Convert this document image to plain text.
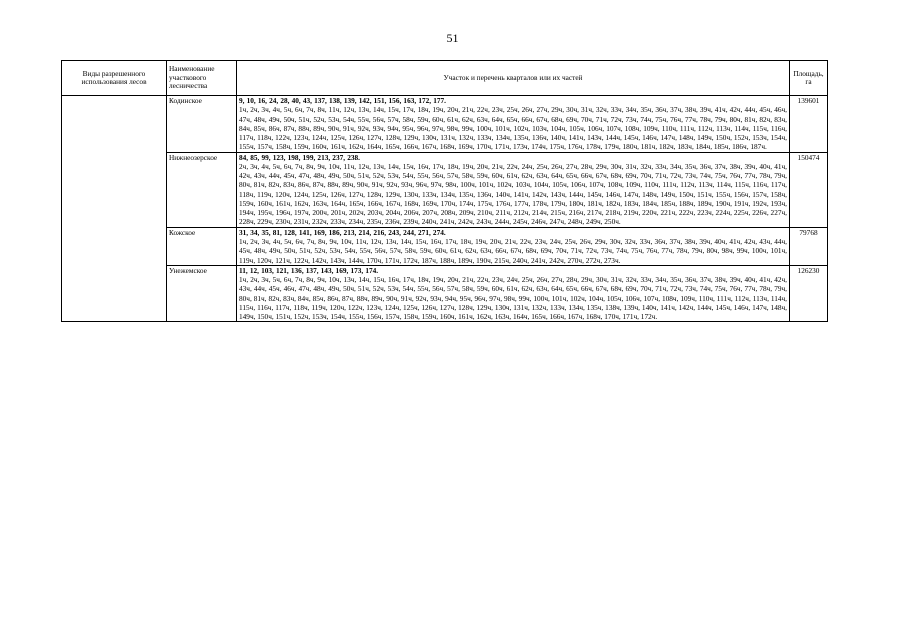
51
Виды разрешенного использования лесов	Наименование участкового лесничества	Участок и перечень кварталов или их частей	Площадь, га
	Кодинское	9, 10, 16, 24, 28, 40, 43, 137, 138, 139, 142, 151, 156, 163, 172, 177.
1ч, 2ч, 3ч, 4ч, 5ч, 6ч, 7ч, 8ч, 11ч, 12ч, 13ч, 14ч, 15ч, 17ч, 18ч, 19ч, 20ч, 21ч, 22ч, 23ч, 25ч, 26ч, 27ч, 29ч, 30ч, 31ч, 32ч, 33ч, 34ч, 35ч, 36ч, 37ч, 38ч, 39ч, 41ч, 42ч, 44ч, 45ч, 46ч, 47ч, 48ч, 49ч, 50ч, 51ч, 52ч, 53ч, 54ч, 55ч, 56ч, 57ч, 58ч, 59ч, 60ч, 61ч, 62ч, 63ч, 64ч, 65ч, 66ч, 67ч, 68ч, 69ч, 70ч, 71ч, 72ч, 73ч, 74ч, 75ч, 76ч, 77ч, 78ч, 79ч, 80ч, 81ч, 82ч, 83ч, 84ч, 85ч, 86ч, 87ч, 88ч, 89ч, 90ч, 91ч, 92ч, 93ч, 94ч, 95ч, 96ч, 97ч, 98ч, 99ч, 100ч, 101ч, 102ч, 103ч, 104ч, 105ч, 106ч, 107ч, 108ч, 109ч, 110ч, 111ч, 112ч, 113ч, 114ч, 115ч, 116ч, 117ч, 118ч, 122ч, 123ч, 124ч, 125ч, 126ч, 127ч, 128ч, 129ч, 130ч, 131ч, 132ч, 133ч, 134ч, 135ч, 136ч, 140ч, 141ч, 143ч, 144ч, 145ч, 146ч, 147ч, 148ч, 149ч, 150ч, 152ч, 153ч, 154ч, 155ч, 157ч, 158ч, 159ч, 160ч, 161ч, 162ч, 164ч, 165ч, 166ч, 167ч, 168ч, 169ч, 170ч, 171ч, 173ч, 174ч, 175ч, 176ч, 178ч, 179ч, 180ч, 181ч, 182ч, 183ч, 184ч, 185ч, 186ч, 187ч.	139601
	Нижнеозерское	84, 85, 99, 123, 198, 199, 213, 237, 238.
2ч, 3ч, 4ч, 5ч, 6ч, 7ч, 8ч, 9ч, 10ч, 11ч, 12ч, 13ч, 14ч, 15ч, 16ч, 17ч, 18ч, 19ч, 20ч, 21ч, 22ч, 24ч, 25ч, 26ч, 27ч, 28ч, 29ч, 30ч, 31ч, 32ч, 33ч, 34ч, 35ч, 36ч, 37ч, 38ч, 39ч, 40ч, 41ч, 42ч, 43ч, 44ч, 45ч, 47ч, 48ч, 49ч, 50ч, 51ч, 52ч, 53ч, 54ч, 55ч, 56ч, 57ч, 58ч, 59ч, 60ч, 61ч, 62ч, 63ч, 64ч, 65ч, 66ч, 67ч, 68ч, 69ч, 70ч, 71ч, 72ч, 73ч, 74ч, 75ч, 76ч, 77ч, 78ч, 79ч, 80ч, 81ч, 82ч, 83ч, 86ч, 87ч, 88ч, 89ч, 90ч, 91ч, 92ч, 93ч, 96ч, 97ч, 98ч, 100ч, 101ч, 102ч, 103ч, 104ч, 105ч, 106ч, 107ч, 108ч, 109ч, 110ч, 111ч, 112ч, 113ч, 114ч, 115ч, 116ч, 117ч, 118ч, 119ч, 120ч, 124ч, 125ч, 126ч, 127ч, 128ч, 129ч, 130ч, 133ч, 134ч, 135ч, 136ч, 140ч, 141ч, 142ч, 143ч, 144ч, 145ч, 146ч, 147ч, 148ч, 149ч, 150ч, 151ч, 155ч, 156ч, 157ч, 158ч, 159ч, 160ч, 161ч, 162ч, 163ч, 164ч, 165ч, 166ч, 167ч, 168ч, 169ч, 170ч, 174ч, 175ч, 176ч, 177ч, 178ч, 179ч, 180ч, 181ч, 182ч, 183ч, 184ч, 185ч, 188ч, 189ч, 190ч, 191ч, 192ч, 193ч, 194ч, 195ч, 196ч, 197ч, 200ч, 201ч, 202ч, 203ч, 204ч, 206ч, 207ч, 208ч, 209ч, 210ч, 211ч, 212ч, 214ч, 215ч, 216ч, 217ч, 218ч, 219ч, 220ч, 221ч, 222ч, 223ч, 224ч, 225ч, 226ч, 227ч, 228ч, 229ч, 230ч, 231ч, 232ч, 233ч, 234ч, 235ч, 236ч, 239ч, 240ч, 241ч, 242ч, 243ч, 244ч, 245ч, 246ч, 247ч, 248ч, 249ч, 250ч.	150474
	Кожское	31, 34, 35, 81, 128, 141, 169, 186, 213, 214, 216, 243, 244, 271, 274.
1ч, 2ч, 3ч, 4ч, 5ч, 6ч, 7ч, 8ч, 9ч, 10ч, 11ч, 12ч, 13ч, 14ч, 15ч, 16ч, 17ч, 18ч, 19ч, 20ч, 21ч, 22ч, 23ч, 24ч, 25ч, 26ч, 29ч, 30ч, 32ч, 33ч, 36ч, 37ч, 38ч, 39ч, 40ч, 41ч, 42ч, 43ч, 44ч, 45ч, 48ч, 49ч, 50ч, 51ч, 52ч, 53ч, 54ч, 55ч, 56ч, 57ч, 58ч, 59ч, 60ч, 61ч, 62ч, 63ч, 66ч, 67ч, 68ч, 69ч, 70ч, 71ч, 72ч, 73ч, 74ч, 75ч, 76ч, 77ч, 78ч, 79ч, 80ч, 98ч, 99ч, 100ч, 101ч, 119ч, 120ч, 121ч, 122ч, 142ч, 143ч, 144ч, 170ч, 171ч, 172ч, 187ч, 188ч, 189ч, 190ч, 215ч, 240ч, 241ч, 242ч, 270ч, 272ч, 273ч.	79768
	Унежемское	11, 12, 103, 121, 136, 137, 143, 169, 173, 174.
1ч, 2ч, 3ч, 5ч, 6ч, 7ч, 8ч, 9ч, 10ч, 13ч, 14ч, 15ч, 16ч, 17ч, 18ч, 19ч, 20ч, 21ч, 22ч, 23ч, 24ч, 25ч, 26ч, 27ч, 28ч, 29ч, 30ч, 31ч, 32ч, 33ч, 34ч, 35ч, 36ч, 37ч, 38ч, 39ч, 40ч, 41ч, 42ч, 43ч, 44ч, 45ч, 46ч, 47ч, 48ч, 49ч, 50ч, 51ч, 52ч, 53ч, 54ч, 55ч, 56ч, 57ч, 58ч, 59ч, 60ч, 61ч, 62ч, 63ч, 64ч, 65ч, 66ч, 67ч, 68ч, 69ч, 70ч, 71ч, 72ч, 73ч, 74ч, 75ч, 76ч, 77ч, 78ч, 79ч, 80ч, 81ч, 82ч, 83ч, 84ч, 85ч, 86ч, 87ч, 88ч, 89ч, 90ч, 91ч, 92ч, 93ч, 94ч, 95ч, 96ч, 97ч, 98ч, 99ч, 100ч, 101ч, 102ч, 104ч, 105ч, 106ч, 107ч, 108ч, 109ч, 110ч, 111ч, 112ч, 113ч, 114ч, 115ч, 116ч, 117ч, 118ч, 119ч, 120ч, 122ч, 123ч, 124ч, 125ч, 126ч, 127ч, 128ч, 129ч, 130ч, 131ч, 132ч, 133ч, 134ч, 135ч, 138ч, 139ч, 140ч, 141ч, 142ч, 144ч, 145ч, 146ч, 147ч, 148ч, 149ч, 150ч, 151ч, 152ч, 153ч, 154ч, 155ч, 156ч, 157ч, 158ч, 159ч, 160ч, 161ч, 162ч, 163ч, 164ч, 165ч, 166ч, 167ч, 168ч, 170ч, 171ч, 172ч.	126230
